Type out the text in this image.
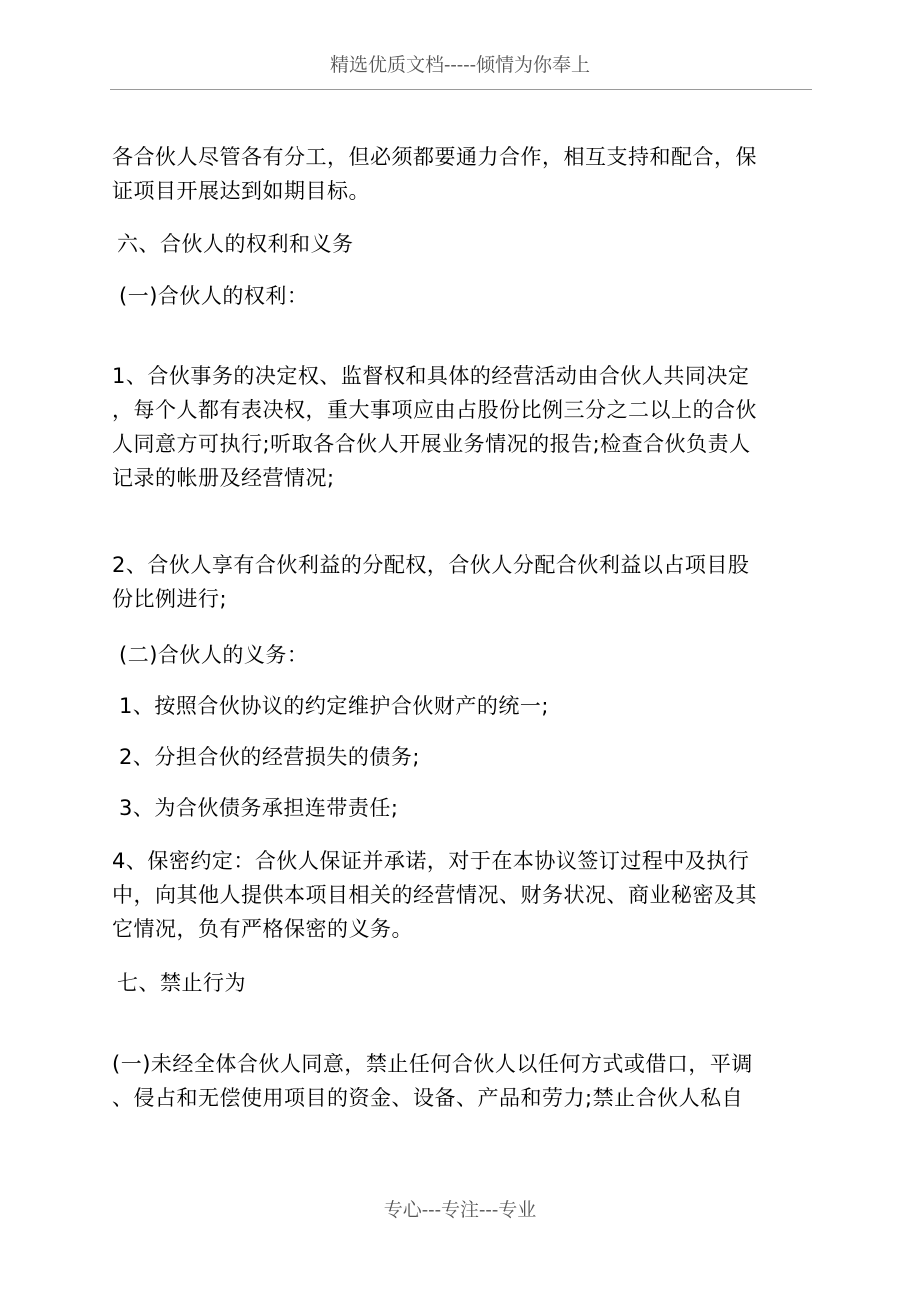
精选优质文档-----倾情为你奉上

各合伙人尽管各有分工，但必须都要通力合作，相互支持和配合，保
证项目开展达到如期目标。

六、合伙人的权利和义务

(一)合伙人的权利：

1、合伙事务的决定权、监督权和具体的经营活动由合伙人共同决定
，每个人都有表决权，重大事项应由占股份比例三分之二以上的合伙
人同意方可执行;听取各合伙人开展业务情况的报告;检查合伙负责人
记录的帐册及经营情况;

2、合伙人享有合伙利益的分配权，合伙人分配合伙利益以占项目股
份比例进行;

(二)合伙人的义务：

1、按照合伙协议的约定维护合伙财产的统一;

2、分担合伙的经营损失的债务;

3、为合伙债务承担连带责任;

4、保密约定：合伙人保证并承诺，对于在本协议签订过程中及执行
中，向其他人提供本项目相关的经营情况、财务状况、商业秘密及其
它情况，负有严格保密的义务。

七、禁止行为

(一)未经全体合伙人同意，禁止任何合伙人以任何方式或借口，平调
、侵占和无偿使用项目的资金、设备、产品和劳力;禁止合伙人私自

专心---专注---专业
